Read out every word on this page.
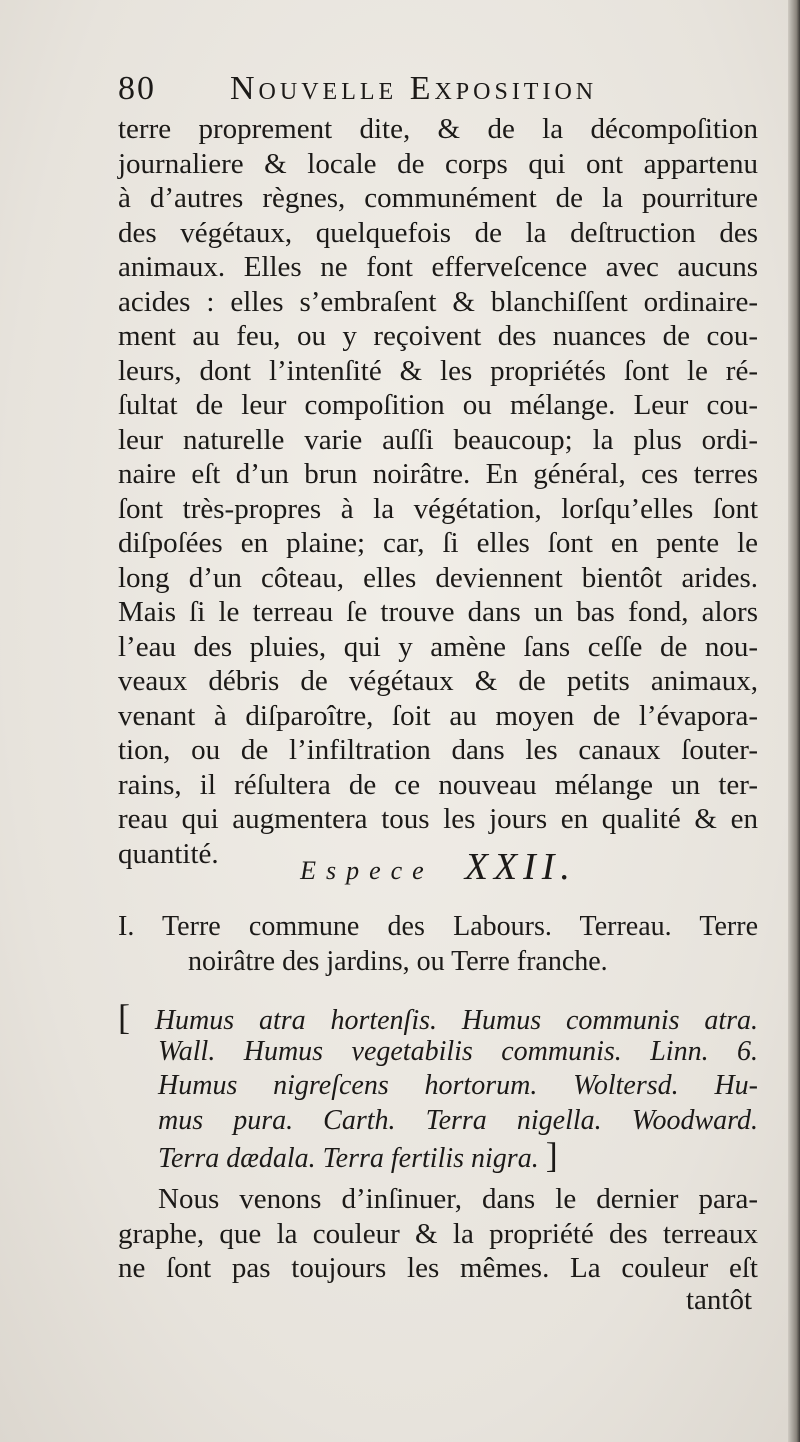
80 Nouvelle Exposition
terre proprement dite, & de la décompoſition
journaliere & locale de corps qui ont appartenu
à d’autres règnes, communément de la pourriture
des végétaux, quelquefois de la deſtruction des
animaux. Elles ne font efferveſcence avec aucuns
acides : elles s’embraſent & blanchiſſent ordinaire-
ment au feu, ou y reçoivent des nuances de cou-
leurs, dont l’intenſité & les propriétés ſont le ré-
ſultat de leur compoſition ou mélange. Leur cou-
leur naturelle varie auſſi beaucoup; la plus ordi-
naire eſt d’un brun noirâtre. En général, ces terres
ſont très-propres à la végétation, lorſqu’elles ſont
diſpoſées en plaine; car, ſi elles ſont en pente le
long d’un côteau, elles deviennent bientôt arides.
Mais ſi le terreau ſe trouve dans un bas fond, alors
l’eau des pluies, qui y amène ſans ceſſe de nou-
veaux débris de végétaux & de petits animaux,
venant à diſparoître, ſoit au moyen de l’évapora-
tion, ou de l’infiltration dans les canaux ſouter-
rains, il réſultera de ce nouveau mélange un ter-
reau qui augmentera tous les jours en qualité & en
quantité.
Espece XXII.
I. Terre commune des Labours. Terreau. Terre
noirâtre des jardins, ou Terre franche.
[ Humus atra hortenſis. Humus communis atra.
Wall. Humus vegetabilis communis. Linn. 6.
Humus nigreſcens hortorum. Woltersd. Hu-
mus pura. Carth. Terra nigella. Woodward.
Terra dædala. Terra fertilis nigra. ]
Nous venons d’inſinuer, dans le dernier para-
graphe, que la couleur & la propriété des terreaux
ne ſont pas toujours les mêmes. La couleur eſt
tantôt
